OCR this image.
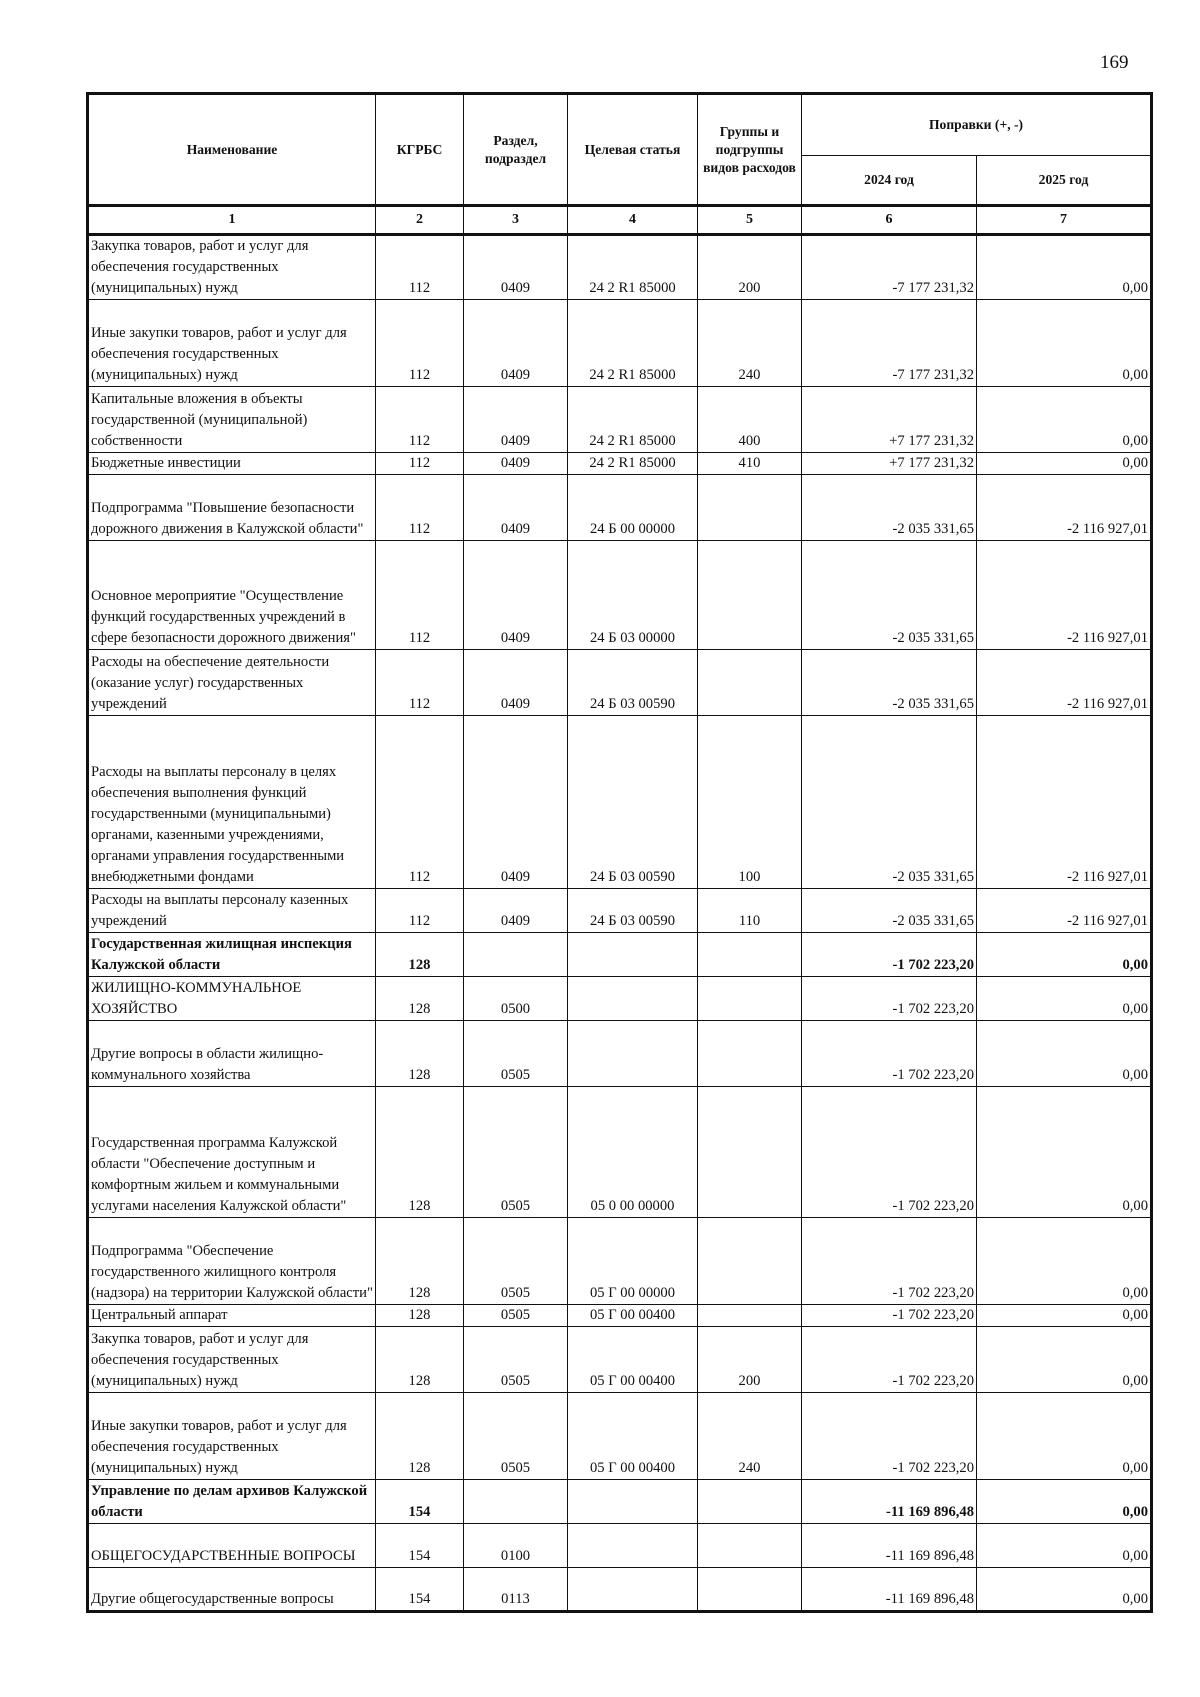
169
Наименование	КГРБС	Раздел, подраздел	Целевая статья	Группы и подгруппы видов расходов	Поправки (+, -)	
					2024 год	2025 год
1	2	3	4	5	6	7
Закупка товаров, работ и услуг для обеспечения государственных (муниципальных) нужд	112	0409	24 2 R1 85000	200	-7 177 231,32	0,00
Иные закупки товаров, работ и услуг для обеспечения государственных (муниципальных) нужд	112	0409	24 2 R1 85000	240	-7 177 231,32	0,00
Капитальные вложения в объекты государственной (муниципальной) собственности	112	0409	24 2 R1 85000	400	+7 177 231,32	0,00
Бюджетные инвестиции	112	0409	24 2 R1 85000	410	+7 177 231,32	0,00
Подпрограмма "Повышение безопасности дорожного движения в Калужской области"	112	0409	24 Б 00 00000		-2 035 331,65	-2 116 927,01
Основное мероприятие "Осуществление функций государственных учреждений в сфере безопасности дорожного движения"	112	0409	24 Б 03 00000		-2 035 331,65	-2 116 927,01
Расходы на обеспечение деятельности (оказание услуг) государственных учреждений	112	0409	24 Б 03 00590		-2 035 331,65	-2 116 927,01
Расходы на выплаты персоналу в целях обеспечения выполнения функций государственными (муниципальными) органами, казенными учреждениями, органами управления государственными внебюджетными фондами	112	0409	24 Б 03 00590	100	-2 035 331,65	-2 116 927,01
Расходы на выплаты персоналу казенных учреждений	112	0409	24 Б 03 00590	110	-2 035 331,65	-2 116 927,01
Государственная жилищная инспекция Калужской области	128				-1 702 223,20	0,00
ЖИЛИЩНО-КОММУНАЛЬНОЕ ХОЗЯЙСТВО	128	0500			-1 702 223,20	0,00
Другие вопросы в области жилищно-коммунального хозяйства	128	0505			-1 702 223,20	0,00
Государственная программа Калужской области "Обеспечение доступным и комфортным жильем и коммунальными услугами населения Калужской области"	128	0505	05 0 00 00000		-1 702 223,20	0,00
Подпрограмма "Обеспечение государственного жилищного контроля (надзора) на территории Калужской области"	128	0505	05 Г 00 00000		-1 702 223,20	0,00
Центральный аппарат	128	0505	05 Г 00 00400		-1 702 223,20	0,00
Закупка товаров, работ и услуг для обеспечения государственных (муниципальных) нужд	128	0505	05 Г 00 00400	200	-1 702 223,20	0,00
Иные закупки товаров, работ и услуг для обеспечения государственных (муниципальных) нужд	128	0505	05 Г 00 00400	240	-1 702 223,20	0,00
Управление по делам архивов Калужской области	154				-11 169 896,48	0,00
ОБЩЕГОСУДАРСТВЕННЫЕ ВОПРОСЫ	154	0100			-11 169 896,48	0,00
Другие общегосударственные вопросы	154	0113			-11 169 896,48	0,00
